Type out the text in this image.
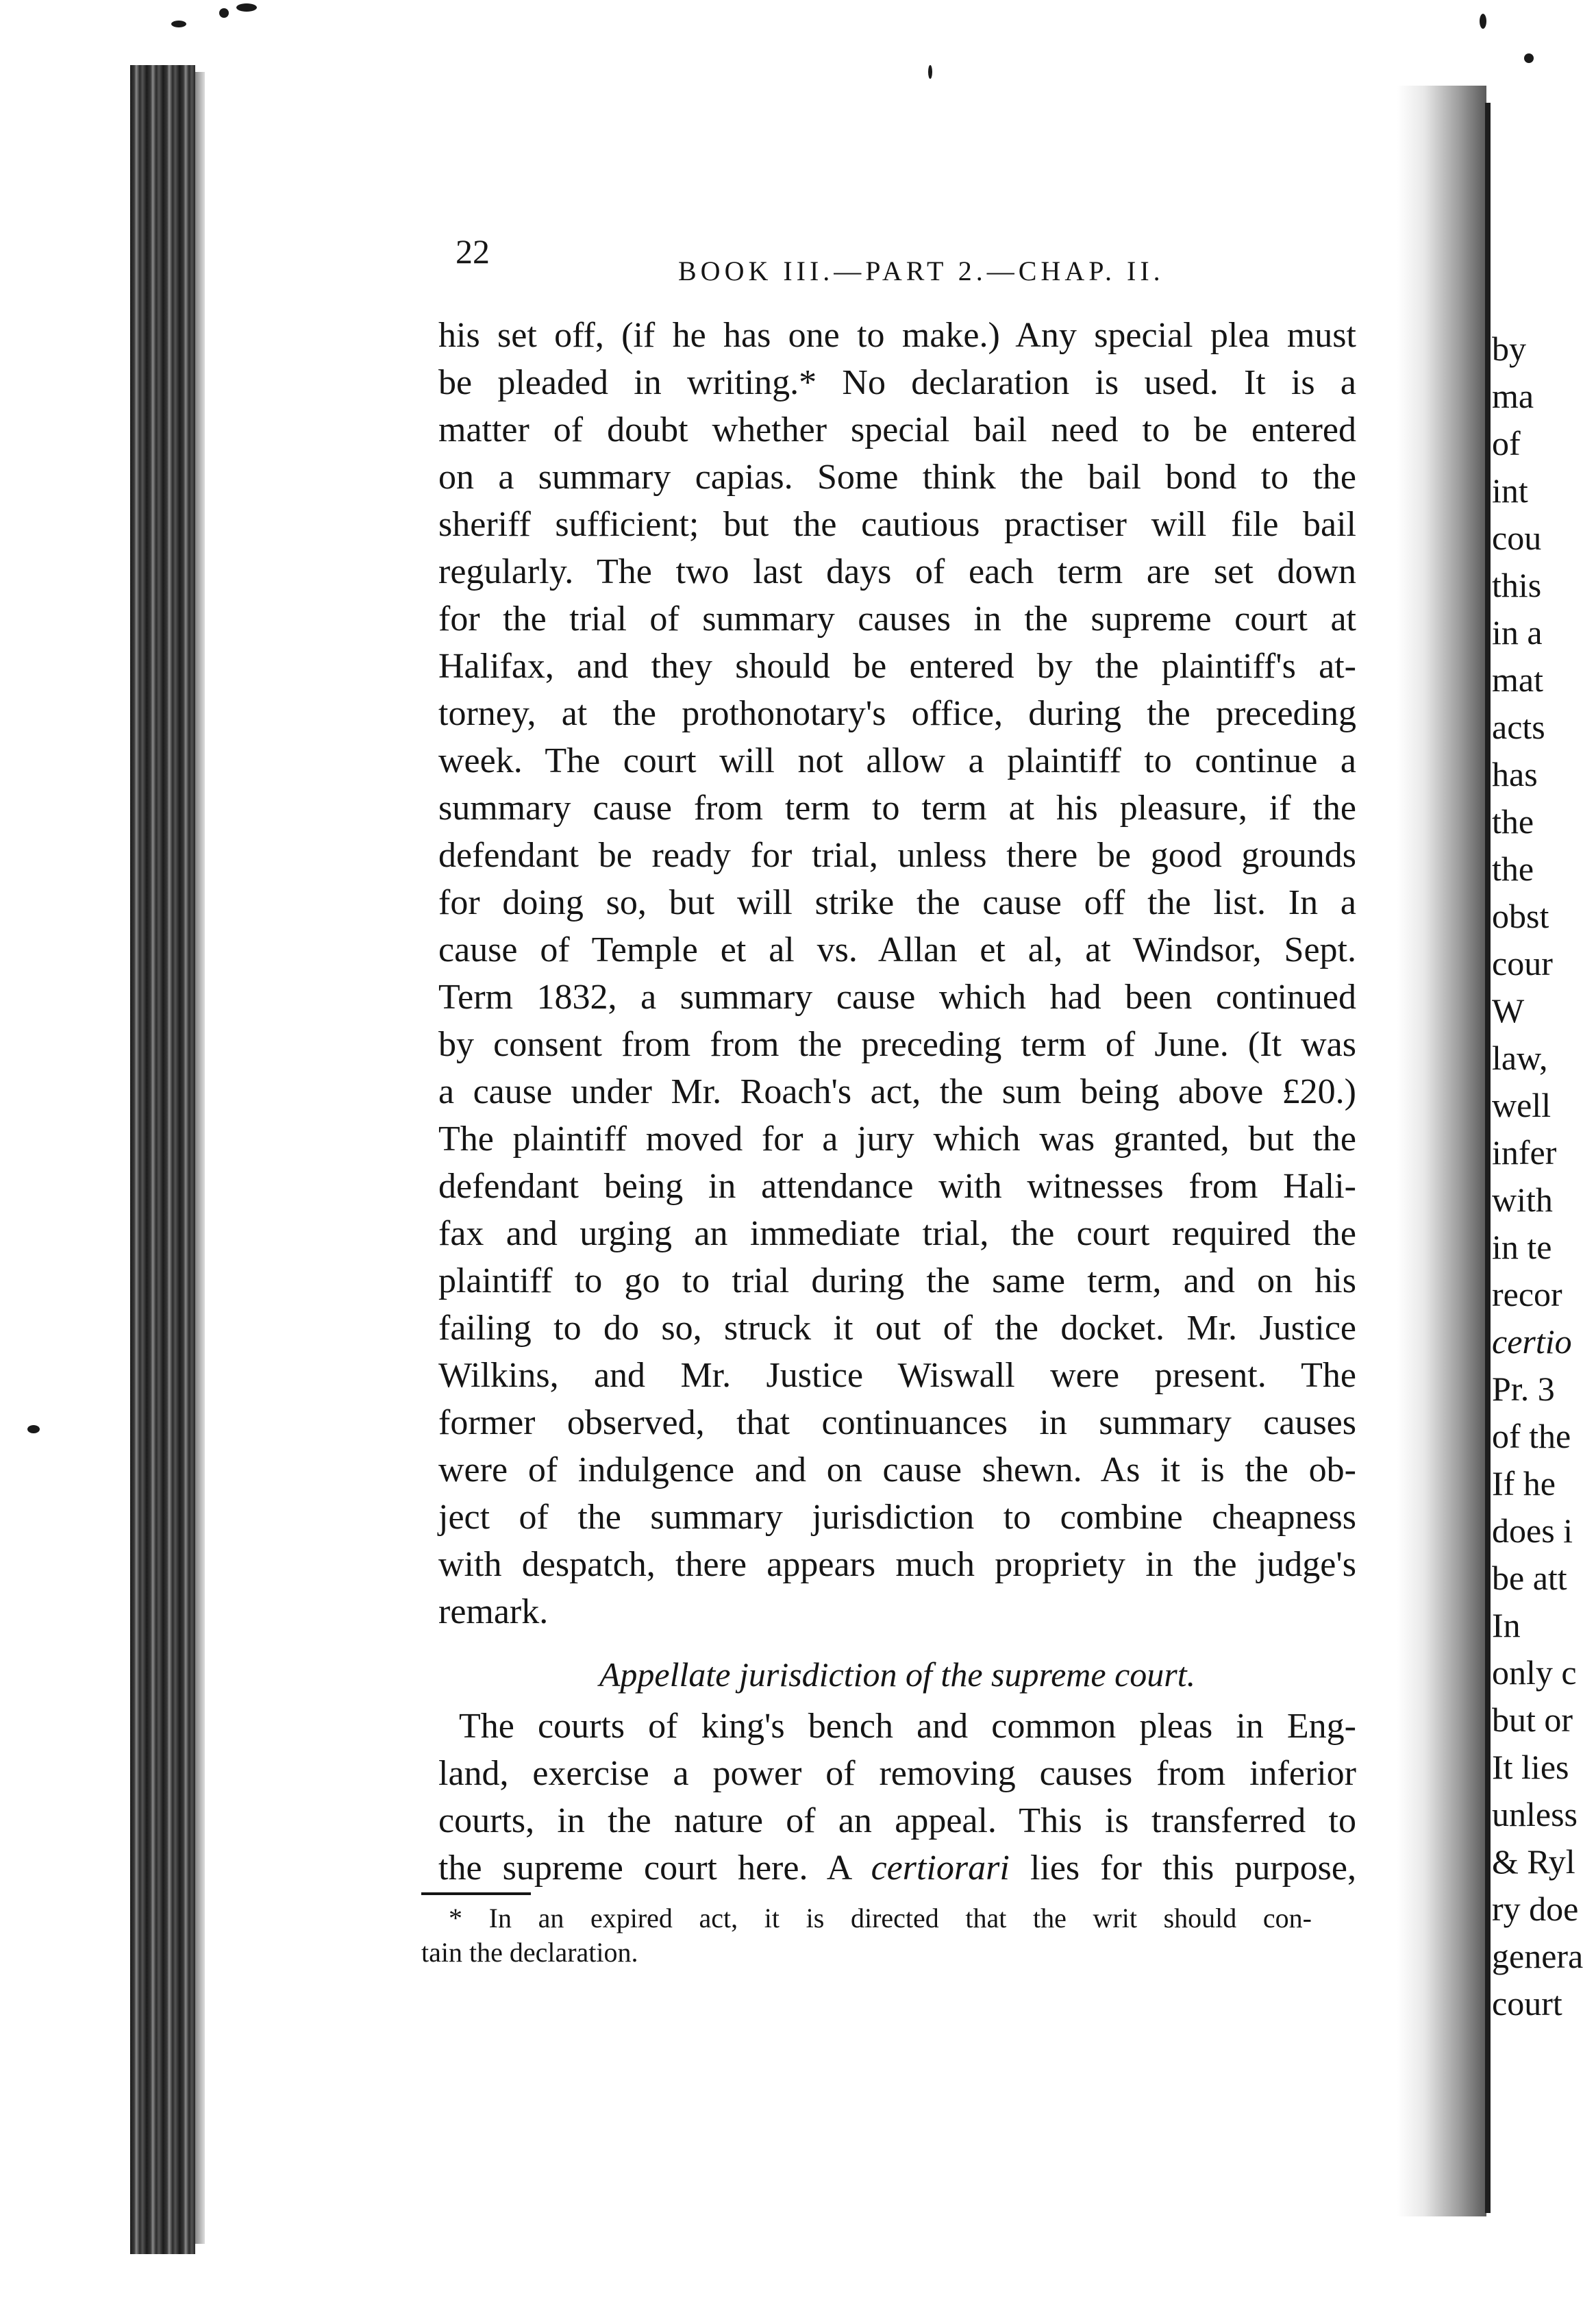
22
BOOK III.—PART 2.—CHAP. II.
his set off, (if he has one to make.) Any special plea must
be pleaded in writing.* No declaration is used. It is a
matter of doubt whether special bail need to be entered
on a summary capias. Some think the bail bond to the
sheriff sufficient; but the cautious practiser will file bail
regularly. The two last days of each term are set down
for the trial of summary causes in the supreme court at
Halifax, and they should be entered by the plaintiff's at-
torney, at the prothonotary's office, during the preceding
week. The court will not allow a plaintiff to continue a
summary cause from term to term at his pleasure, if the
defendant be ready for trial, unless there be good grounds
for doing so, but will strike the cause off the list. In a
cause of Temple et al vs. Allan et al, at Windsor, Sept.
Term 1832, a summary cause which had been continued
by consent from from the preceding term of June. (It was
a cause under Mr. Roach's act, the sum being above £20.)
The plaintiff moved for a jury which was granted, but the
defendant being in attendance with witnesses from Hali-
fax and urging an immediate trial, the court required the
plaintiff to go to trial during the same term, and on his
failing to do so, struck it out of the docket. Mr. Justice
Wilkins, and Mr. Justice Wiswall were present. The
former observed, that continuances in summary causes
were of indulgence and on cause shewn. As it is the ob-
ject of the summary jurisdiction to combine cheapness
with despatch, there appears much propriety in the judge's
remark.
Appellate jurisdiction of the supreme court.
The courts of king's bench and common pleas in Eng-
land, exercise a power of removing causes from inferior
courts, in the nature of an appeal. This is transferred to
the supreme court here. A certiorari lies for this purpose,
* In an expired act, it is directed that the writ should con-
tain the declaration.
by
ma
of
int
cou
this
in a
mat
acts
has
the
the
obst
cour
W
law,
well
infer
with
in te
recor
certio
Pr. 3
of the
If he
does i
be att
In
only c
but or
It lies
unless
& Ryl
ry doe
genera
court
